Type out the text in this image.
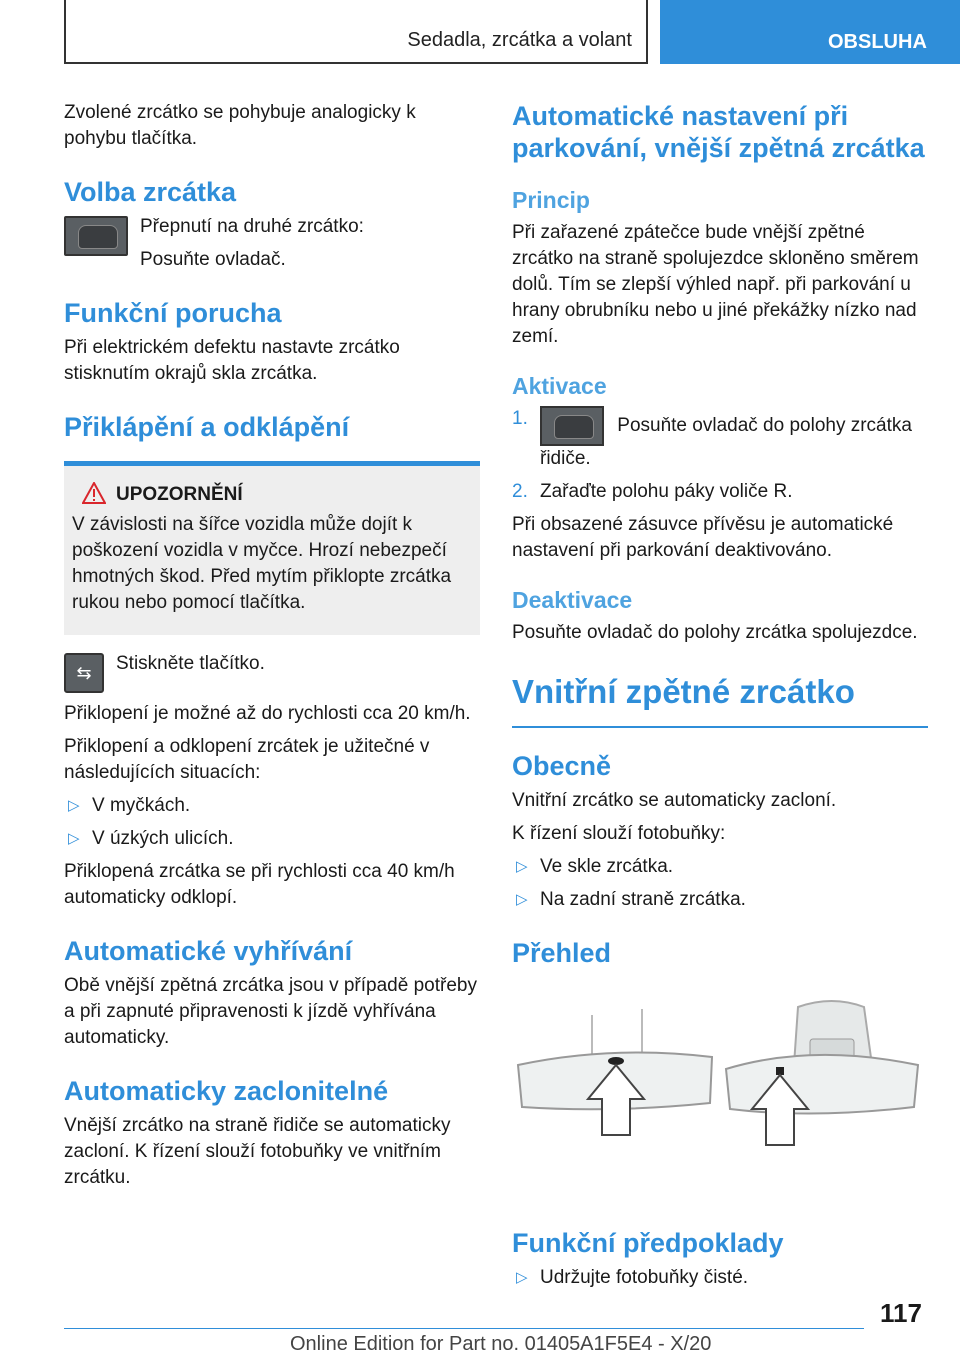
Sedadla, zrcátka a volant	OBSLUHA

Zvolené zrcátko se pohybuje analogicky k pohybu tlačítka.

Volba zrcátka

Přepnutí na druhé zrcátko:

Posuňte ovladač.

Funkční porucha

Při elektrickém defektu nastavte zrcátko stisknutím okrajů skla zrcátka.

Přiklápění a odklápění
UPOZORNĚNÍ

V závislosti na šířce vozidla může dojít k poškození vozidla v myčce. Hrozí nebezpečí hmotných škod. Před mytím přiklopte zrcátka rukou nebo pomocí tlačítka.

⇆	Stiskněte tlačítko.

Přiklopení je možné až do rychlosti cca 20 km/h.

Přiklopení a odklopení zrcátek je užitečné v následujících situacích:

▷ V myčkách.
▷ V úzkých ulicích.

Přiklopená zrcátka se při rychlosti cca 40 km/h automaticky odklopí.

Automatické vyhřívání

Obě vnější zpětná zrcátka jsou v případě potřeby a při zapnuté připravenosti k jízdě vyhřívána automaticky.

Automaticky zaclonitelné

Vnější zrcátko na straně řidiče se automaticky zacloní. K řízení slouží fotobuňky ve vnitřním zrcátku.

Automatické nastavení při parkování, vnější zpětná zrcátka
Princip

Při zařazené zpátečce bude vnější zpětné zrcátko na straně spolujezdce skloněno směrem dolů. Tím se zlepší výhled např. při parkování u hrany obrubníku nebo u jiné překážky nízko nad zemí.

Aktivace
1.	Posuňte ovladač do polohy zrcátka řidiče.
2. Zařaďte polohu páky voliče R.

Při obsazené zásuvce přívěsu je automatické nastavení při parkování deaktivováno.

Deaktivace

Posuňte ovladač do polohy zrcátka spolujezdce.

Vnitřní zpětné zrcátko
Obecně

Vnitřní zrcátko se automaticky zacloní.

K řízení slouží fotobuňky:

▷ Ve skle zrcátka.
▷ Na zadní straně zrcátka.
Přehled
Funkční předpoklady
▷ Udržujte fotobuňky čisté.
117
Online Edition for Part no. 01405A1F5E4 - X/20
